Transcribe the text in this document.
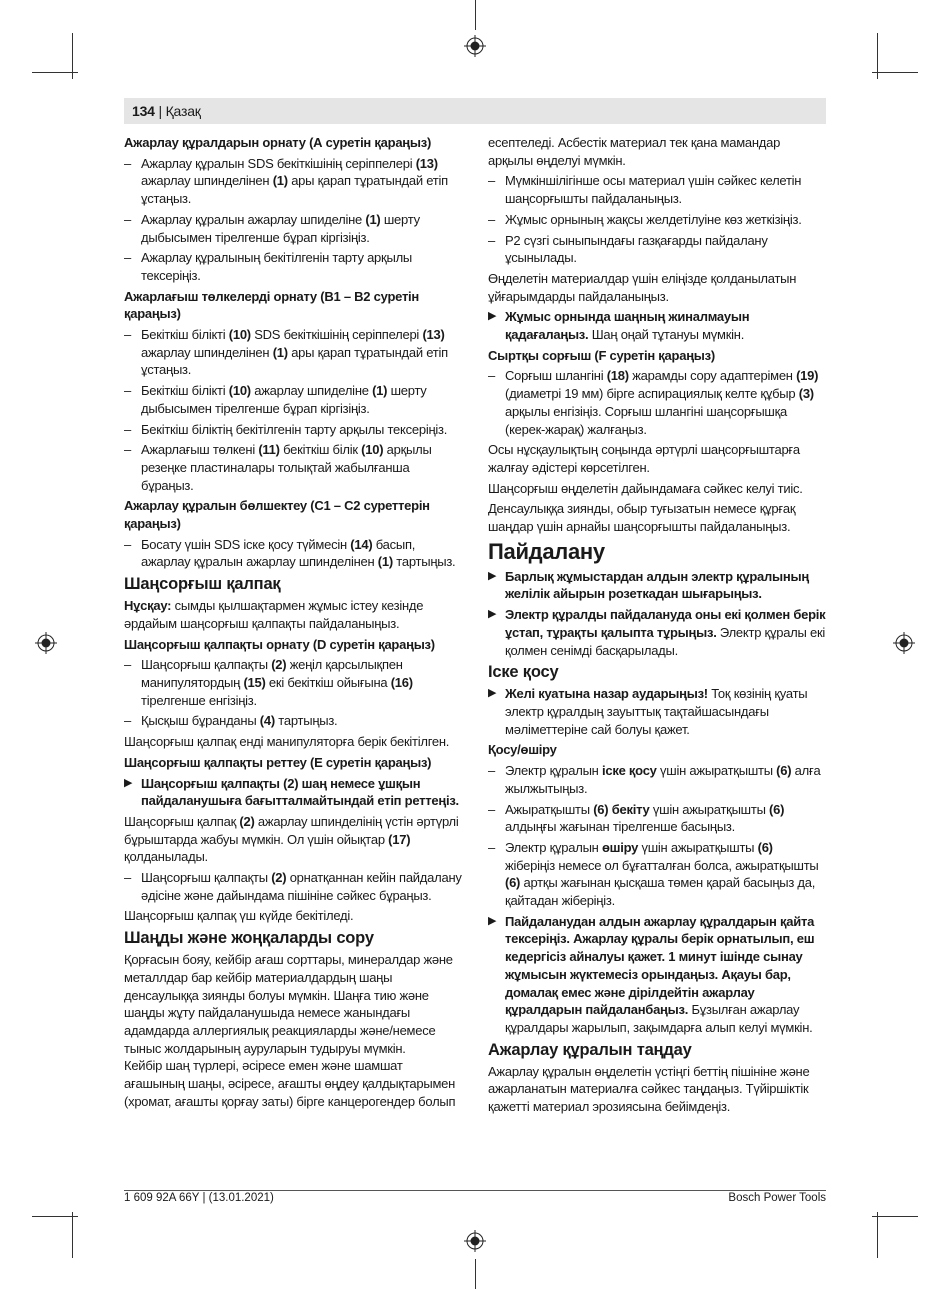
134 | Қазақ

Ажарлау құралдарын орнату (А суретін қараңыз)

– Ажарлау құралын SDS бекіткішінің серіппелері (13) ажарлау шпинделінен (1) ары қарап тұратындай етіп ұстаңыз.

– Ажарлау құралын ажарлау шпиделіне (1) шерту дыбысымен тірелгенше бұрап кіргізіңіз.

– Ажарлау құралының бекітілгенін тарту арқылы тексеріңіз.

Ажарлағыш төлкелерді орнату (B1 – B2 суретін қараңыз)

– Бекіткіш білікті (10) SDS бекіткішінің серіппелері (13) ажарлау шпинделінен (1) ары қарап тұратындай етіп ұстаңыз.

– Бекіткіш білікті (10) ажарлау шпиделіне (1) шерту дыбысымен тірелгенше бұрап кіргізіңіз.

– Бекіткіш біліктің бекітілгенін тарту арқылы тексеріңіз.

– Ажарлағыш төлкені (11) бекіткіш білік (10) арқылы резеңке пластиналары толықтай жабылғанша бұраңыз.

Ажарлау құралын бөлшектеу (C1 – C2 суреттерін қараңыз)

– Босату үшін SDS іске қосу түймесін (14) басып, ажарлау құралын ажарлау шпинделінен (1) тартыңыз.

Шаңсорғыш қалпақ

Нұсқау: сымды қылшақтармен жұмыс істеу кезінде әрдайым шаңсорғыш қалпақты пайдаланыңыз.

Шаңсорғыш қалпақты орнату (D суретін қараңыз)

– Шаңсорғыш қалпақты (2) жеңіл қарсылықпен манипулятордың (15) екі бекіткіш ойығына (16) тірелгенше енгізіңіз.

– Қысқыш бұранданы (4) тартыңыз.

Шаңсорғыш қалпақ енді манипуляторға берік бекітілген.

Шаңсорғыш қалпақты реттеу (E суретін қараңыз)

▶ Шаңсорғыш қалпақты (2) шаң немесе ұшқын пайдаланушыға бағытталмайтындай етіп реттеңіз.

Шаңсорғыш қалпақ (2) ажарлау шпинделінің үстін әртүрлі бұрыштарда жабуы мүмкін. Ол үшін ойықтар (17) қолданылады.

– Шаңсорғыш қалпақты (2) орнатқаннан кейін пайдалану әдісіне және дайындама пішініне сәйкес бұраңыз.

Шаңсорғыш қалпақ үш күйде бекітіледі.

Шаңды және жоңқаларды сору

Қорғасын бояу, кейбір ағаш сорттары, минералдар және металлдар бар кейбір материалдардың шаңы денсаулыққа зиянды болуы мүмкін. Шаңға тию және шаңды жұту пайдаланушыда немесе жанындағы адамдарда аллергиялық реакцияларды және/немесе тыныс жолдарының ауруларын тудыруы мүмкін.

Кейбір шаң түрлері, әсіресе емен және шамшат ағашының шаңы, әсіресе, ағашты өңдеу қалдықтарымен (хромат, ағашты қорғау заты) бірге канцерогендер болып

есептеледі. Асбестік материал тек қана мамандар арқылы өңделуі мүмкін.

– Мүмкіншілігінше осы материал үшін сәйкес келетін шаңсорғышты пайдаланыңыз.

– Жұмыс орнының жақсы желдетілуіне көз жеткізіңіз.

– P2 сүзгі сыныпындағы газқағарды пайдалану ұсынылады.

Өңделетін материалдар үшін еліңізде қолданылатын ұйғарымдарды пайдаланыңыз.

▶ Жұмыс орнында шаңның жиналмауын қадағалаңыз. Шаң оңай тұтануы мүмкін.

Сыртқы сорғыш (F суретін қараңыз)

– Сорғыш шлангіні (18) жарамды сору адаптерімен (19) (диаметрі 19 мм) бірге аспирациялық келте құбыр (3) арқылы енгізіңіз. Сорғыш шлангіні шаңсорғышқа (керек-жарақ) жалғаңыз.

Осы нұсқаулықтың соңында әртүрлі шаңсорғыштарға жалғау әдістері көрсетілген.

Шаңсорғыш өңделетін дайындамаға сәйкес келуі тиіс.

Денсаулыққа зиянды, обыр туғызатын немесе құрғақ шаңдар үшін арнайы шаңсорғышты пайдаланыңыз.

Пайдалану

▶ Барлық жұмыстардан алдын электр құралының желілік айырын розеткадан шығарыңыз.

▶ Электр құралды пайдалануда оны екі қолмен берік ұстап, тұрақты қалыпта тұрыңыз. Электр құралы екі қолмен сенімді басқарылады.

Іске қосу

▶ Желі куатына назар аударыңыз! Тоқ көзінің қуаты электр құралдың зауыттық тақтайшасындағы мәліметтеріне сай болуы қажет.

Қосу/өшіру

– Электр құралын іске қосу үшін ажыратқышты (6) алға жылжытыңыз.

– Ажыратқышты (6) бекіту үшін ажыратқышты (6) алдыңғы жағынан тірелгенше басыңыз.

– Электр құралын өшіру үшін ажыратқышты (6) жіберіңіз немесе ол бұғатталған болса, ажыратқышты (6) артқы жағынан қысқаша төмен қарай басыңыз да, қайтадан жіберіңіз.

▶ Пайдаланудан алдын ажарлау құралдарын қайта тексеріңіз. Ажарлау құралы берік орнатылып, еш кедергісіз айналуы қажет. 1 минут ішінде сынау жұмысын жүктемесіз орындаңыз. Ақауы бар, домалақ емес және дірілдейтін ажарлау құралдарын пайдаланбаңыз. Бұзылған ажарлау құралдары жарылып, зақымдарға алып келуі мүмкін.

Ажарлау құралын таңдау

Ажарлау құралын өңделетін үстіңгі беттің пішініне және ажарланатын материалға сәйкес таңдаңыз. Түйіршіктік қажетті материал эрозиясына бейімдеңіз.

1 609 92A 66Y | (13.01.2021)	Bosch Power Tools
